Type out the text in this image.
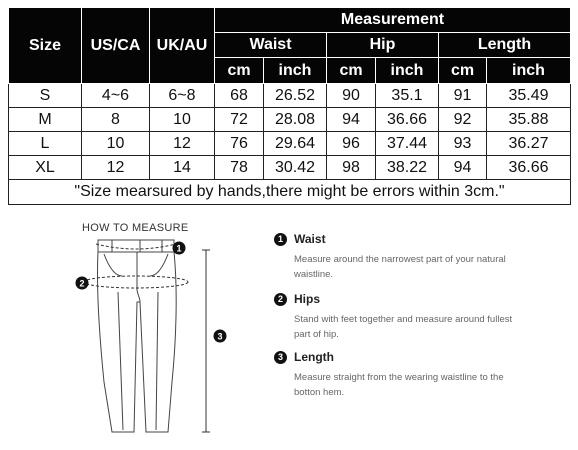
Size	US/CA	UK/AU	Measurement					
			Waist		Hip		Length	
			cm	inch	cm	inch	cm	inch
S	4~6	6~8	68	26.52	90	35.1	91	35.49
M	8	10	72	28.08	94	36.66	92	35.88
L	10	12	76	29.64	96	37.44	93	36.27
XL	12	14	78	30.42	98	38.22	94	36.66
"Size mearsured by hands,there might be errors within 3cm."								
HOW TO MEASURE
1
2
3
1 Waist
Measure around the narrowest part of your natural waistline.
2 Hips
Stand with feet together and measure around fullest part of hip.
3 Length
Measure straight from the wearing waistline to the botton hem.
